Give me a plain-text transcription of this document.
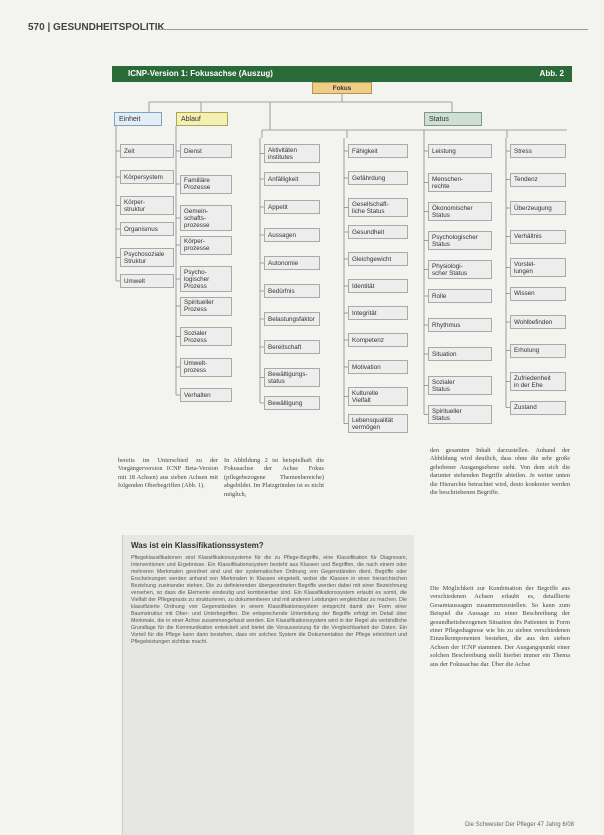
570 | GESUNDHEITSPOLITIK
ICNP-Version 1: Fokusachse (Auszug)	Abb. 2
Fokus
Einheit	Ablauf	Status
Zeit
Körpersystem
Körper-
struktur
Organismus
Psychosoziale
Struktur
Umwelt
Dienst
Familiäre
Prozesse
Gemein-
schafts-
prozesse
Körper-
prozesse
Psycho-
logischer
Prozess
Spiritueller
Prozess
Sozialer
Prozess
Umwelt-
prozess
Verhalten
Aktivitäten
institutes
Anfälligkeit
Appetit
Aussagen
Autonomie
Bedürfnis
Belastungsfaktor
Bereitschaft
Bewältigungs-
status
Bewältigung
Fähigkeit
Gefährdung
Gesellschaft-
liche Status
Gesundheit
Gleichgewicht
Identität
Integrität
Kompetenz
Motivation
Kulturelle
Vielfalt
Lebensqualität
vermögen
Leistung
Menschen-
rechte
Ökonomischer
Status
Psychologischer
Status
Physiologi-
scher Status
Rolle
Rhythmus
Situation
Sozialer
Status
Spiritueller
Status
Stress
Tendenz
Überzeugung
Verhältnis
Vorstel-
lungen
Wissen
Wohlbefinden
Erholung
Zufriedenheit
in der Ehe
Zustand
bereits im Unterschied zu der Vorgängerversion ICNP Beta-Version mit 18 Achsen) aus sieben Achsen mit folgenden Oberbegriffen (Abb. 1).
In Abbildung 2 ist beispielhaft die Fokusachse der Achse Fokus (pflegebezogene Themenbereiche) abgebildet. Im Platzgründen ist es nicht möglich,
den gesamten Inhalt darzustellen. Anhand der Abbildung wird deutlich, dass ohne die sehr große gehobener Ausgangsebene steht. Von dem sich die darunter stehenden Begriffe abteilen. Je weiter unten die Hierarchie betrachtet wird, desto konkreter werden die beschriebenen Begriffe.
Die Möglichkeit zur Kombination der Begriffe aus verschiedenen Achsen erlaubt es, detaillierte Gesamtaussagen zusammenzustellen. So kann zum Beispiel die Aussage zu einer Beschreibung der gesundheitsbezogenen Situation des Patienten in Form einer Pflegediagnose wie bis zu sieben verschiedenen Einzelkomponenten bestehen, die aus den sieben Achsen der ICNP stammen. Der Ausgangspunkt einer solchen Beschreibung stellt hierbei immer ein Thema aus der Fokusachse dar. Über die Achse
Was ist ein Klassifikationssystem?
Pflegeklassifikationen sind Klassifikationssysteme für die zu Pflege-Begriffe, eine Klassifikation für Diagnosen, Interventionen und Ergebnisse. Ein Klassifikationssystem besteht aus Klassen und Begriffen, die nach einem oder mehreren Merkmalen geordnet sind und der systematischen Ordnung von Gegenständen dient. Begriffe oder Erscheinungen werden anhand von Merkmalen in Klassen eingeteilt, wobei die Klassen in einer hierarchischen Beziehung zueinander stehen. Die zu definierenden übergeordneten Begriffe werden dabei mit einer Bezeichnung versehen, so dass die Elemente eindeutig und kombinierbar sind. Ein Klassifikationssystem erlaubt es somit, die Vielfalt der Pflegepraxis zu strukturieren, zu dokumentieren und mit anderen Leistungen vergleichbar zu machen. Die klassifizierte Ordnung von Gegenständen in einem Klassifikationssystem entspricht damit der Form einer Baumstruktur mit Ober- und Unterbegriffen. Die entsprechende Unterteilung der Begriffe erfolgt im Detail über Merkmale, die in einer Achse zusammengefasst werden. Ein Klassifikationssystem wird in der Regel als verbindliche Grundlage für die Kommunikation entwickelt und bietet die Voraussetzung für die Vergleichbarkeit der Daten. Ein Vorteil für die Pflege kann darin bestehen, dass ein solches System die Dokumentation der Pflege erleichtert und Pflegeleistungen sichtbar macht.
Die Schwester Der Pfleger 47 Jahrg 6/08
